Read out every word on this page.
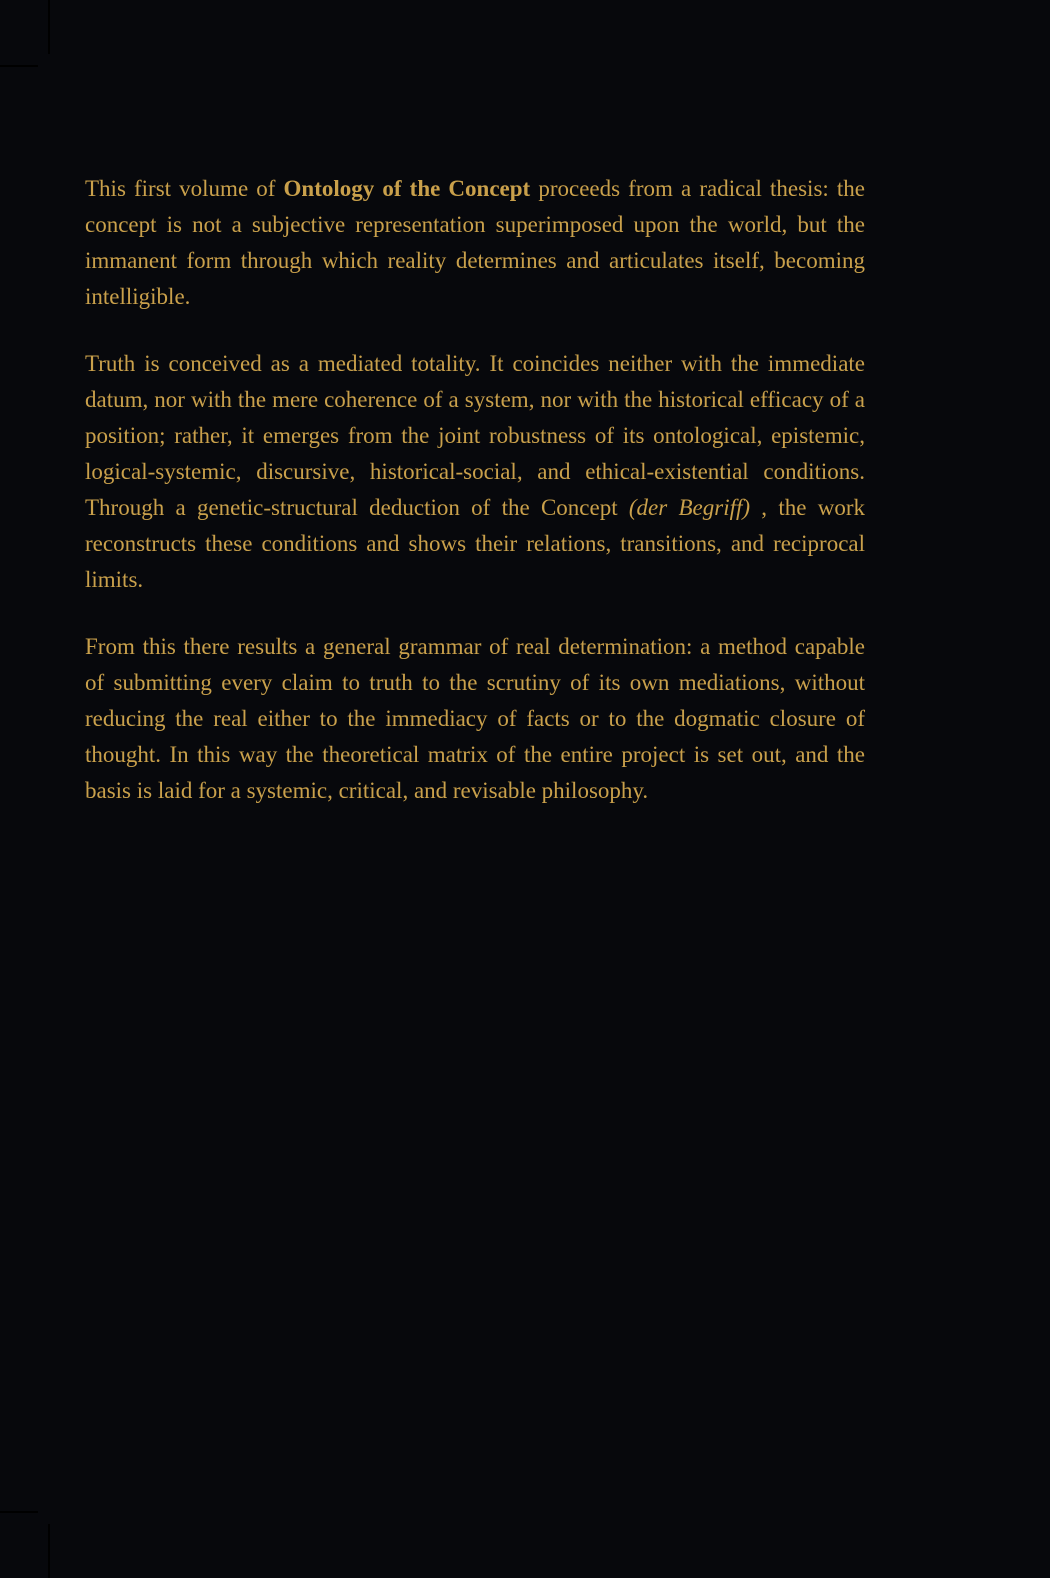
This first volume of Ontology of the Concept proceeds from a radical thesis: the concept is not a subjective representation superimposed upon the world, but the immanent form through which reality determines and articulates itself, becoming intelligible.

Truth is conceived as a mediated totality. It coincides neither with the immediate datum, nor with the mere coherence of a system, nor with the historical efficacy of a position; rather, it emerges from the joint robustness of its ontological, epistemic, logical-systemic, discursive, historical-social, and ethical-existential conditions. Through a genetic-structural deduction of the Concept (der Begriff) , the work reconstructs these conditions and shows their relations, transitions, and reciprocal limits.

From this there results a general grammar of real determination: a method capable of submitting every claim to truth to the scrutiny of its own mediations, without reducing the real either to the immediacy of facts or to the dogmatic closure of thought. In this way the theoretical matrix of the entire project is set out, and the basis is laid for a systemic, critical, and revisable philosophy.
